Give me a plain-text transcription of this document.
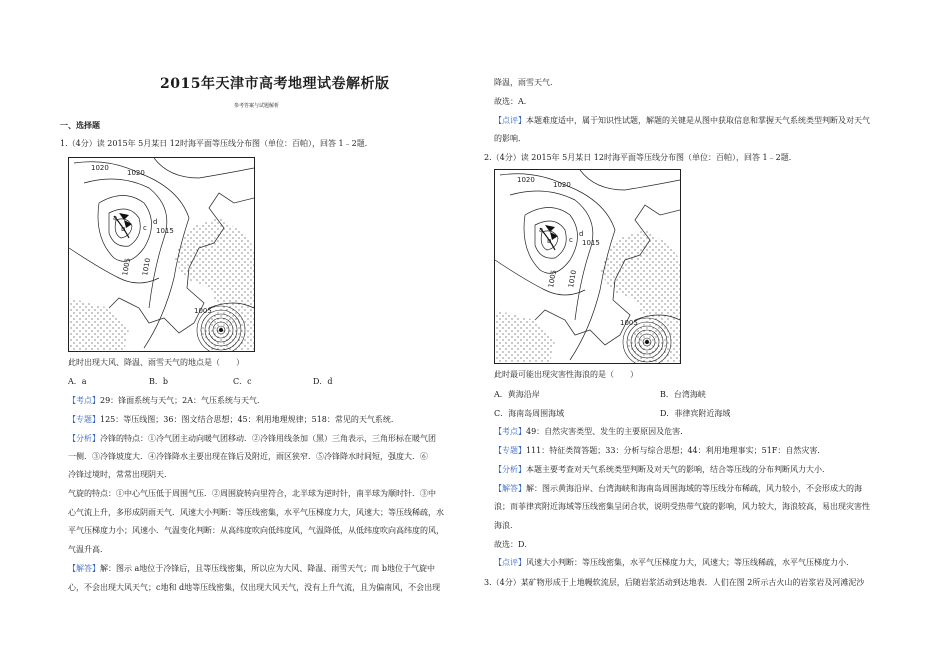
2015年天津市高考地理试卷解析版
参考答案与试题解析
一、选择题
1.（4分）读 2015年 5月某日 12时海平面等压线分布图（单位：百帕），回答 1﹣2题．
1020
1020
1015
1005
1010
1005
a
b	c
d
此时出现大风、降温、雨雪天气的地点是（　　）
A．a	B．b	C．c	D．d
【考点】29：锋面系统与天气；2A：气压系统与天气．
【专题】125：等压线图；36：图文结合思想；45：利用地理规律；518：常见的天气系统．
【分析】冷锋的特点：①冷气团主动向暖气团移动．②冷锋用线条加（黑）三角表示，三角形标在暖气团
一侧．③冷锋坡度大．④冷锋降水主要出现在锋后及附近，雨区狭窄．⑤冷锋降水时间短，强度大．⑥
冷锋过境时，常常出现阴天．
气旋的特点：①中心气压低于周围气压．②周围旋转向里符合，北半球为逆时针，南半球为顺时针．③中
心气流上升，多形成阴雨天气．风速大小判断：等压线密集，水平气压梯度力大，风速大；等压线稀疏，水
平气压梯度力小；风速小．气温变化判断：从高纬度吹向低纬度风，气温降低，从低纬度吹向高纬度的风，
气温升高．
【解答】解：图示 a地位于冷锋后，且等压线密集，所以应为大风、降温、雨雪天气；而 b地位于气旋中
心，不会出现大风天气；c地和 d地等压线密集，仅出现大风天气，没有上升气流，且为偏南风，不会出现
降温，雨雪天气．
故选：A．
【点评】本题难度适中，属于知识性试题，解题的关键是从图中获取信息和掌握天气系统类型判断及对天气
的影响．
2.（4分）读 2015年 5月某日 12时海平面等压线分布图（单位：百帕），回答 1﹣2题．
1020
1020
1015
1005
1010
1005
a
b	c
d
此时最可能出现灾害性海浪的是（　　）
A．黄海沿岸	B．台湾海峡
C．海南岛周围海域	D．菲律宾附近海域
【考点】49：自然灾害类型、发生的主要原因及危害．
【专题】111：特征类简答题；33：分析与综合思想；44：利用地理事实；51F：自然灾害．
【分析】本题主要考查对天气系统类型判断及对天气的影响，结合等压线的分布判断风力大小．
【解答】解：图示黄海沿岸、台湾海峡和海南岛周围海域的等压线分布稀疏，风力较小，不会形成大的海
浪；而菲律宾附近海域等压线密集呈闭合状，说明受热带气旋的影响，风力较大，海浪较高，易出现灾害性
海浪．
故选：D．
【点评】风速大小判断：等压线密集，水平气压梯度力大，风速大；等压线稀疏，水平气压梯度力小．
3.（4分）某矿物形成于上地幔软流层，后随岩浆活动到达地表．人们在图 2所示古火山的岩浆岩及河滩泥沙
